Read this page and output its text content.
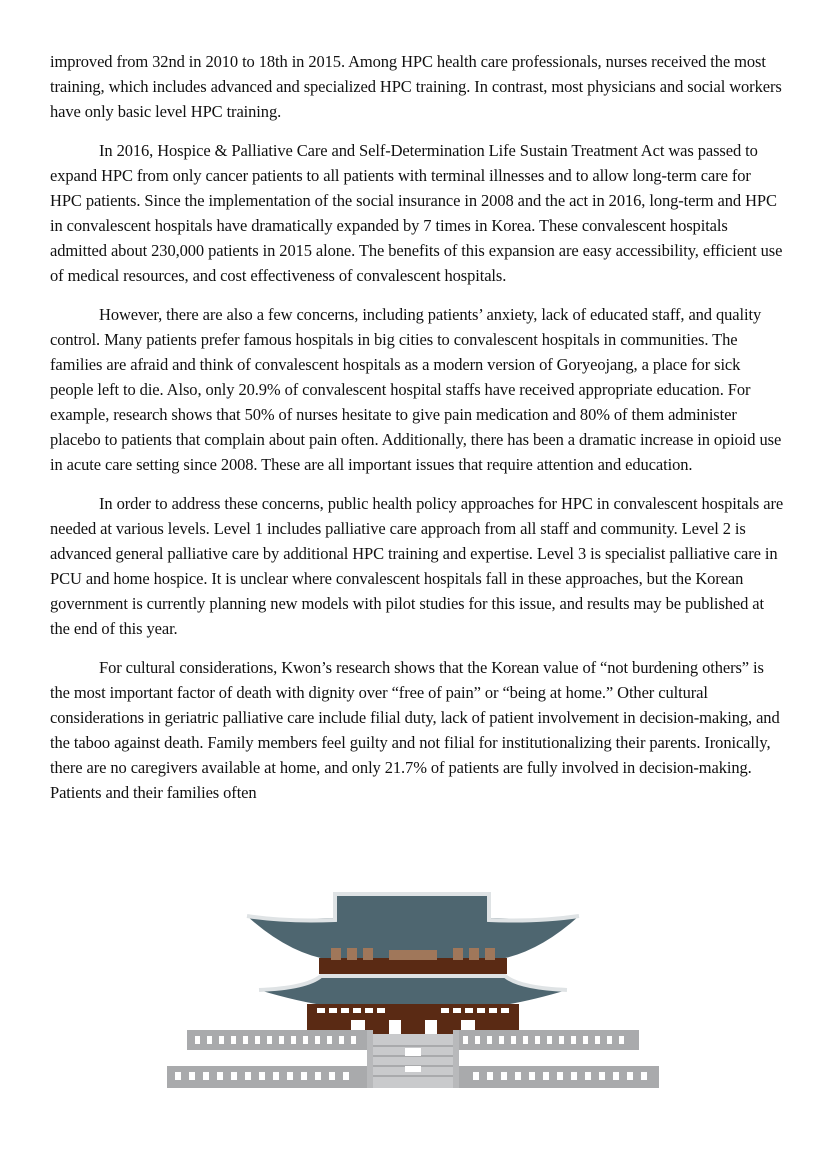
improved from 32nd in 2010 to 18th in 2015. Among HPC health care professionals, nurses received the most training, which includes advanced and specialized HPC training. In contrast, most physicians and social workers have only basic level HPC training.

In 2016, Hospice & Palliative Care and Self-Determination Life Sustain Treatment Act was passed to expand HPC from only cancer patients to all patients with terminal illnesses and to allow long-term care for HPC patients. Since the implementation of the social insurance in 2008 and the act in 2016, long-term and HPC in convalescent hospitals have dramatically expanded by 7 times in Korea. These convalescent hospitals admitted about 230,000 patients in 2015 alone. The benefits of this expansion are easy accessibility, efficient use of medical resources, and cost effectiveness of convalescent hospitals.

However, there are also a few concerns, including patients’ anxiety, lack of educated staff, and quality control. Many patients prefer famous hospitals in big cities to convalescent hospitals in communities. The families are afraid and think of convalescent hospitals as a modern version of Goryeojang, a place for sick people left to die. Also, only 20.9% of convalescent hospital staffs have received appropriate education. For example, research shows that 50% of nurses hesitate to give pain medication and 80% of them administer placebo to patients that complain about pain often. Additionally, there has been a dramatic increase in opioid use in acute care setting since 2008. These are all important issues that require attention and education.

In order to address these concerns, public health policy approaches for HPC in convalescent hospitals are needed at various levels. Level 1 includes palliative care approach from all staff and community. Level 2 is advanced general palliative care by additional HPC training and expertise. Level 3 is specialist palliative care in PCU and home hospice. It is unclear where convalescent hospitals fall in these approaches, but the Korean government is currently planning new models with pilot studies for this issue, and results may be published at the end of this year.

For cultural considerations, Kwon’s research shows that the Korean value of “not burdening others” is the most important factor of death with dignity over “free of pain” or “being at home.” Other cultural considerations in geriatric palliative care include filial duty, lack of patient involvement in decision-making, and the taboo against death. Family members feel guilty and not filial for institutionalizing their parents. Ironically, there are no caregivers available at home, and only 21.7% of patients are fully involved in decision-making. Patients and their families often
